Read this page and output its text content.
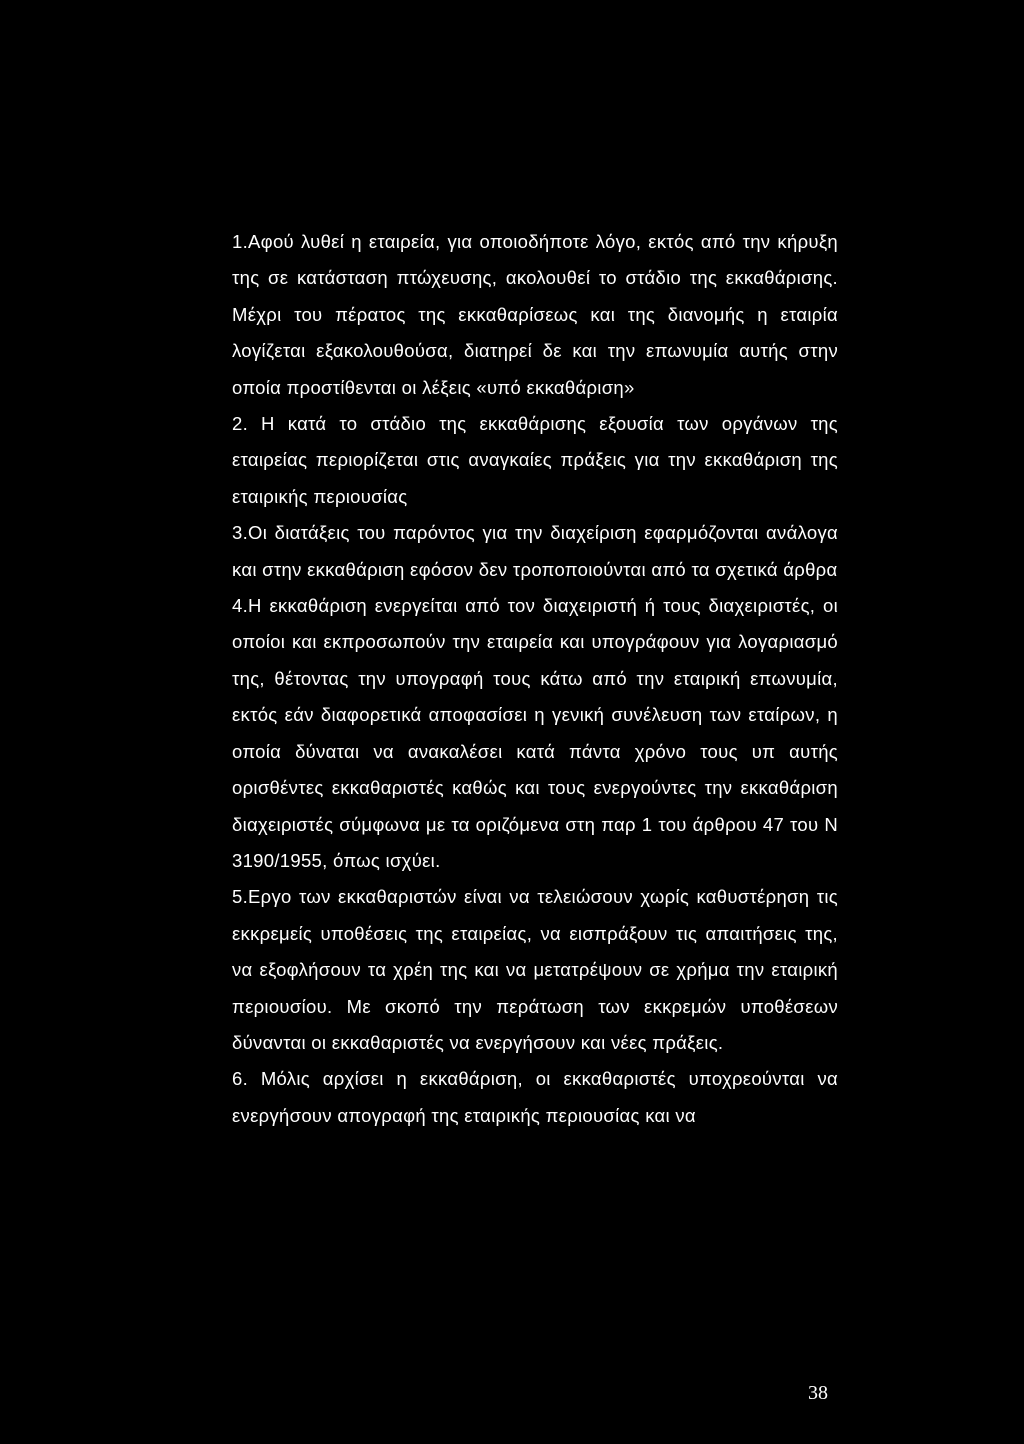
1.Αφού λυθεί η εταιρεία, για οποιοδήποτε λόγο, εκτός από την κήρυξη της σε κατάσταση πτώχευσης, ακολουθεί το στάδιο της εκκαθάρισης. Μέχρι του πέρατος της εκκαθαρίσεως και της διανομής η εταιρία λογίζεται εξακολουθούσα, διατηρεί δε και την επωνυμία αυτής στην οποία προστίθενται οι λέξεις «υπό εκκαθάριση»

2. Η κατά το στάδιο της εκκαθάρισης εξουσία των οργάνων της εταιρείας περιορίζεται στις αναγκαίες πράξεις για την εκκαθάριση της εταιρικής περιουσίας

3.Οι διατάξεις του παρόντος για την διαχείριση εφαρμόζονται ανάλογα και στην εκκαθάριση εφόσον δεν τροποποιούνται από τα σχετικά άρθρα

4.Η εκκαθάριση ενεργείται από τον διαχειριστή ή τους διαχειριστές, οι οποίοι και εκπροσωπούν την εταιρεία και υπογράφουν για λογαριασμό της, θέτοντας την υπογραφή τους κάτω από την εταιρική επωνυμία, εκτός εάν διαφορετικά αποφασίσει η γενική συνέλευση των εταίρων, η οποία δύναται να ανακαλέσει κατά πάντα χρόνο τους υπ αυτής ορισθέντες εκκαθαριστές καθώς και τους ενεργούντες την εκκαθάριση διαχειριστές σύμφωνα με τα οριζόμενα στη παρ 1 του άρθρου 47 του Ν 3190/1955, όπως ισχύει.

5.Εργο των εκκαθαριστών είναι να τελειώσουν χωρίς καθυστέρηση τις εκκρεμείς υποθέσεις της εταιρείας, να εισπράξουν τις απαιτήσεις της, να εξοφλήσουν τα χρέη της και να μετατρέψουν σε χρήμα την εταιρική περιουσίου. Με σκοπό την περάτωση των εκκρεμών υποθέσεων δύνανται οι εκκαθαριστές να ενεργήσουν και νέες πράξεις.

6. Μόλις αρχίσει η εκκαθάριση, οι εκκαθαριστές υποχρεούνται να ενεργήσουν απογραφή της εταιρικής περιουσίας και να

38
